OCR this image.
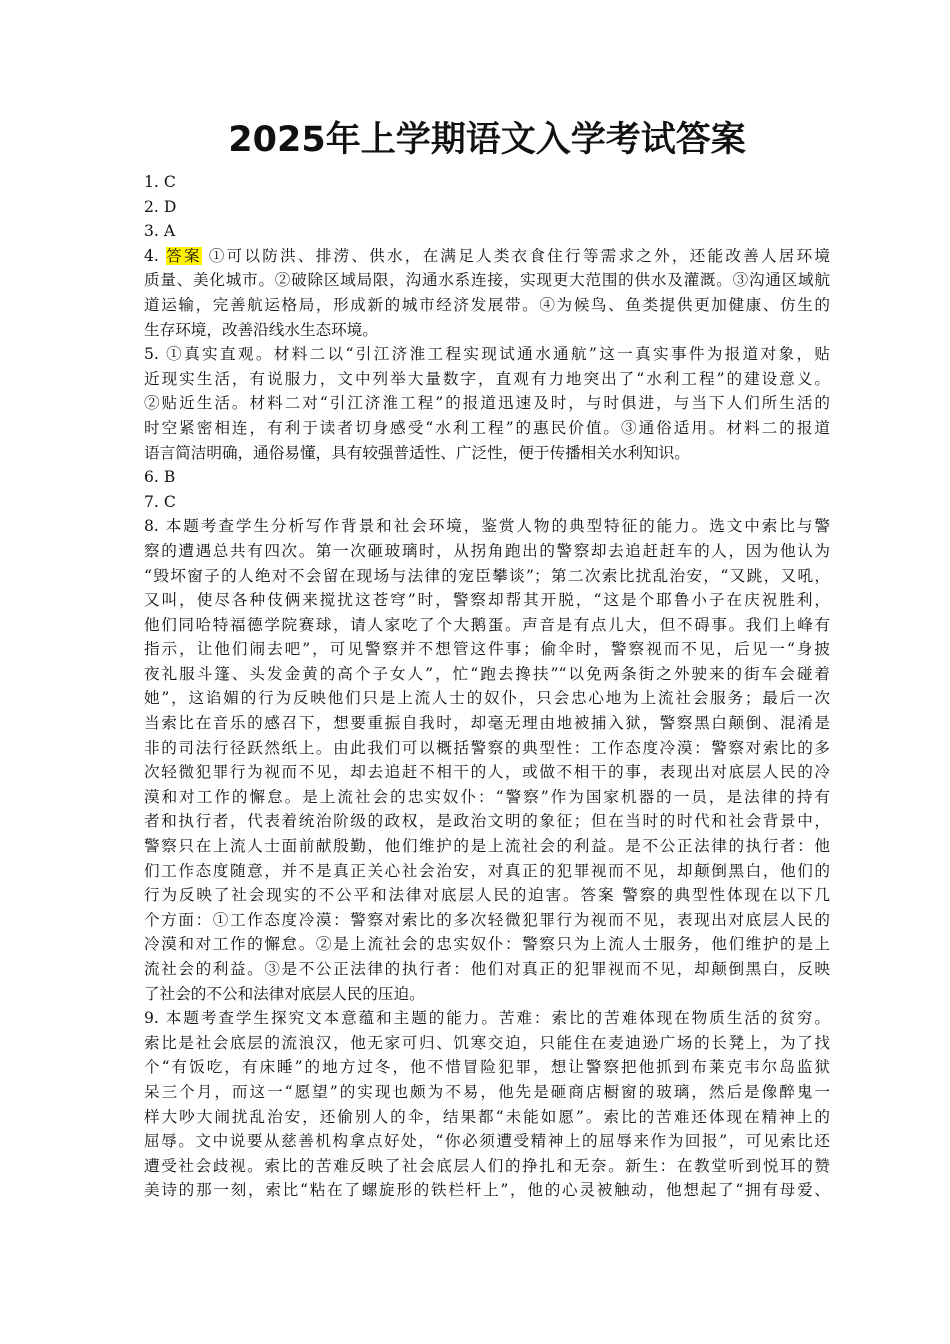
2025年上学期语文入学考试答案
1. C
2. D
3. A
4. 答案 ①可以防洪、排涝、供水，在满足人类衣食住行等需求之外，还能改善人居环境
质量、美化城市。②破除区域局限，沟通水系连接，实现更大范围的供水及灌溉。③沟通区域航
道运输，完善航运格局，形成新的城市经济发展带。④为候鸟、鱼类提供更加健康、仿生的
生存环境，改善沿线水生态环境。
5. ①真实直观。材料二以“引江济淮工程实现试通水通航”这一真实事件为报道对象，贴
近现实生活，有说服力，文中列举大量数字，直观有力地突出了“水利工程”的建设意义。
②贴近生活。材料二对“引江济淮工程”的报道迅速及时，与时俱进，与当下人们所生活的
时空紧密相连，有利于读者切身感受“水利工程”的惠民价值。③通俗适用。材料二的报道
语言简洁明确，通俗易懂，具有较强普适性、广泛性，便于传播相关水利知识。
6. B
7. C
8. 本题考查学生分析写作背景和社会环境，鉴赏人物的典型特征的能力。选文中索比与警
察的遭遇总共有四次。第一次砸玻璃时，从拐角跑出的警察却去追赶赶车的人，因为他认为
“毁坏窗子的人绝对不会留在现场与法律的宠臣攀谈”；第二次索比扰乱治安，“又跳，又吼，
又叫，使尽各种伎俩来搅扰这苍穹”时，警察却帮其开脱，“这是个耶鲁小子在庆祝胜利，
他们同哈特福德学院赛球，请人家吃了个大鹅蛋。声音是有点儿大，但不碍事。我们上峰有
指示，让他们闹去吧”，可见警察并不想管这件事；偷伞时，警察视而不见，后见一“身披
夜礼服斗篷、头发金黄的高个子女人”，忙“跑去搀扶”“以免两条街之外驶来的街车会碰着
她”，这谄媚的行为反映他们只是上流人士的奴仆，只会忠心地为上流社会服务；最后一次
当索比在音乐的感召下，想要重振自我时，却毫无理由地被捕入狱，警察黑白颠倒、混淆是
非的司法行径跃然纸上。由此我们可以概括警察的典型性：工作态度冷漠：警察对索比的多
次轻微犯罪行为视而不见，却去追赶不相干的人，或做不相干的事，表现出对底层人民的冷
漠和对工作的懈怠。是上流社会的忠实奴仆：“警察”作为国家机器的一员，是法律的持有
者和执行者，代表着统治阶级的政权，是政治文明的象征；但在当时的时代和社会背景中，
警察只在上流人士面前献殷勤，他们维护的是上流社会的利益。是不公正法律的执行者：他
们工作态度随意，并不是真正关心社会治安，对真正的犯罪视而不见，却颠倒黑白，他们的
行为反映了社会现实的不公平和法律对底层人民的迫害。答案 警察的典型性体现在以下几
个方面：①工作态度冷漠：警察对索比的多次轻微犯罪行为视而不见，表现出对底层人民的
冷漠和对工作的懈怠。②是上流社会的忠实奴仆：警察只为上流人士服务，他们维护的是上
流社会的利益。③是不公正法律的执行者：他们对真正的犯罪视而不见，却颠倒黑白，反映
了社会的不公和法律对底层人民的压迫。
9. 本题考查学生探究文本意蕴和主题的能力。苦难：索比的苦难体现在物质生活的贫穷。
索比是社会底层的流浪汉，他无家可归、饥寒交迫，只能住在麦迪逊广场的长凳上，为了找
个“有饭吃，有床睡”的地方过冬，他不惜冒险犯罪，想让警察把他抓到布莱克韦尔岛监狱
呆三个月，而这一“愿望”的实现也颇为不易，他先是砸商店橱窗的玻璃，然后是像醉鬼一
样大吵大闹扰乱治安，还偷别人的伞，结果都“未能如愿”。索比的苦难还体现在精神上的
屈辱。文中说要从慈善机构拿点好处，“你必须遭受精神上的屈辱来作为回报”，可见索比还
遭受社会歧视。索比的苦难反映了社会底层人们的挣扎和无奈。新生：在教堂听到悦耳的赞
美诗的那一刻，索比“粘在了螺旋形的铁栏杆上”，他的心灵被触动，他想起了“拥有母爱、
